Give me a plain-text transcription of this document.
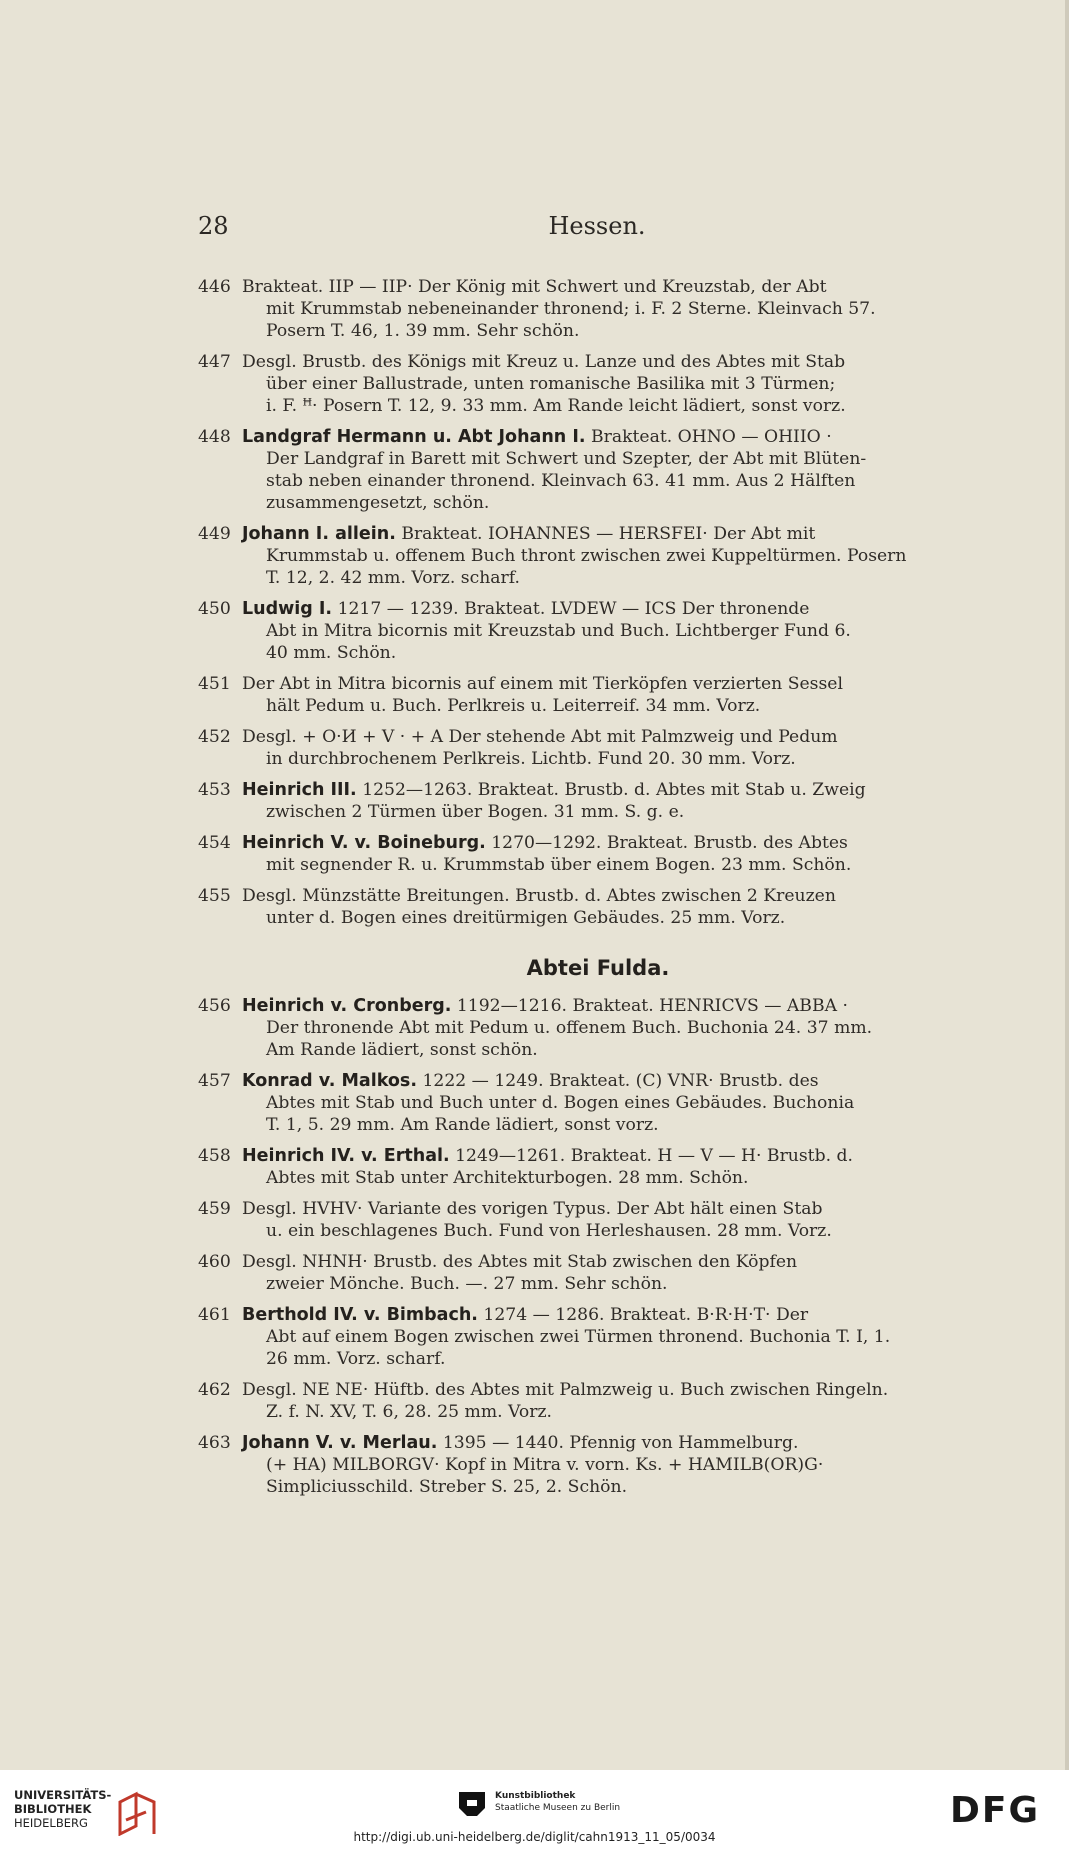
28	Hessen.
446 Brakteat. IIP — IIP· Der König mit Schwert und Kreuzstab, der Abt
mit Krummstab nebeneinander thronend; i. F. 2 Sterne. Kleinvach 57.
Posern T. 46, 1. 39 mm. Sehr schön.
447 Desgl. Brustb. des Königs mit Kreuz u. Lanze und des Abtes mit Stab
über einer Ballustrade, unten romanische Basilika mit 3 Türmen;
i. F. ꟸ· Posern T. 12, 9. 33 mm. Am Rande leicht lädiert, sonst vorz.
448 Landgraf Hermann u. Abt Johann I. Brakteat. OHNO — OHIIO ·
Der Landgraf in Barett mit Schwert und Szepter, der Abt mit Blüten-
stab neben einander thronend. Kleinvach 63. 41 mm. Aus 2 Hälften
zusammengesetzt, schön.
449 Johann I. allein. Brakteat. IOHANNES — HERSFEI· Der Abt mit
Krummstab u. offenem Buch thront zwischen zwei Kuppeltürmen. Posern
T. 12, 2. 42 mm. Vorz. scharf.
450 Ludwig I. 1217 — 1239. Brakteat. LVDEW — ICS Der thronende
Abt in Mitra bicornis mit Kreuzstab und Buch. Lichtberger Fund 6.
40 mm. Schön.
451 Der Abt in Mitra bicornis auf einem mit Tierköpfen verzierten Sessel
hält Pedum u. Buch. Perlkreis u. Leiterreif. 34 mm. Vorz.
452 Desgl. + O·И + V · + A Der stehende Abt mit Palmzweig und Pedum
in durchbrochenem Perlkreis. Lichtb. Fund 20. 30 mm. Vorz.
453 Heinrich III. 1252—1263. Brakteat. Brustb. d. Abtes mit Stab u. Zweig
zwischen 2 Türmen über Bogen. 31 mm. S. g. e.
454 Heinrich V. v. Boineburg. 1270—1292. Brakteat. Brustb. des Abtes
mit segnender R. u. Krummstab über einem Bogen. 23 mm. Schön.
455 Desgl. Münzstätte Breitungen. Brustb. d. Abtes zwischen 2 Kreuzen
unter d. Bogen eines dreitürmigen Gebäudes. 25 mm. Vorz.
Abtei Fulda.
456 Heinrich v. Cronberg. 1192—1216. Brakteat. HENRICVS — ABBA ·
Der thronende Abt mit Pedum u. offenem Buch. Buchonia 24. 37 mm.
Am Rande lädiert, sonst schön.
457 Konrad v. Malkos. 1222 — 1249. Brakteat. (C) VNR· Brustb. des
Abtes mit Stab und Buch unter d. Bogen eines Gebäudes. Buchonia
T. 1, 5. 29 mm. Am Rande lädiert, sonst vorz.
458 Heinrich IV. v. Erthal. 1249—1261. Brakteat. H — V — H· Brustb. d.
Abtes mit Stab unter Architekturbogen. 28 mm. Schön.
459 Desgl. HVHV· Variante des vorigen Typus. Der Abt hält einen Stab
u. ein beschlagenes Buch. Fund von Herleshausen. 28 mm. Vorz.
460 Desgl. NHNH· Brustb. des Abtes mit Stab zwischen den Köpfen
zweier Mönche. Buch. —. 27 mm. Sehr schön.
461 Berthold IV. v. Bimbach. 1274 — 1286. Brakteat. B·R·H·T· Der
Abt auf einem Bogen zwischen zwei Türmen thronend. Buchonia T. I, 1.
26 mm. Vorz. scharf.
462 Desgl. NE NE· Hüftb. des Abtes mit Palmzweig u. Buch zwischen Ringeln.
Z. f. N. XV, T. 6, 28. 25 mm. Vorz.
463 Johann V. v. Merlau. 1395 — 1440. Pfennig von Hammelburg.
(+ HA) MILBORGV· Kopf in Mitra v. vorn. Ks. + HAMILB(OR)G·
Simpliciusschild. Streber S. 25, 2. Schön.
UNIVERSITÄTS-
BIBLIOTHEK
HEIDELBERG
Kunstbibliothek
Staatliche Museen zu Berlin	DFG
http://digi.ub.uni-heidelberg.de/diglit/cahn1913_11_05/0034
